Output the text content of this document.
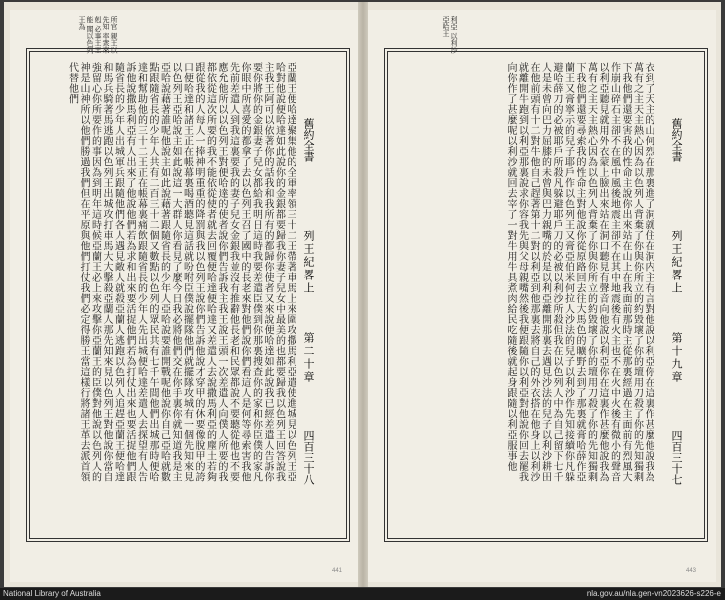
所官 親王以先知 率衆來剋 必事王王能 聞以色列王為
舊約全書
亞蘭王便哈達聚集他的全軍率領三十二王帶著車馬上來圍攻撒馬利亞遣使進城見以色列王亞哈對他說便哈達如此說你的金銀都要歸我你妻子兒女中最美的也都要歸我以色列王回答說我主我王阿可以依著你的話我和我所有的都歸你使者又來說便哈達如此說我已經差遣人告訴你要你將你的金銀妻子兒女都給我明日這時我要差遣臣僕到你那裏搜查你的家和你臣僕的家凡你眼中所喜愛的都拿了去以色列王召了國中的長老來對他們說你們看這人是何等尋索害我他先前差遣人到我這裏要我的妻子兒女金銀我並沒有推辭他長老和民眾都說不要聽從他也不要應允他所以以色列王對便哈達的使者說你們告訴我主我王說王頭一次差遣人向僕人所要的我都依從這次所要的我不能依從使者就去回覆便哈達便哈達又差遣人去說撒馬利亞的塵土若夠跟從我的人每人一捧神明重重的降罰與我以色列王說你們告訴他說才穿甲的休要像脫甲的誇口便哈達和諸王正在帳幕裏喝酒聽見這話就吩咐臣僕說擺隊他們就擺隊攻城有一個先知來見以色列王亞哈說主如此說這一大群人你看見了麼今日我必將他們交在你手裏你就知道我是主亞哈說藉著誰呢他說主如此說藉著跟隨省長的少年人亞哈說要誰開戰呢他說你自己亞哈就數點跟隨省長的少年人共有二百三十二個又數點以色列的眾民共有七千午間他們出城那時便哈達和幫助他的三十二王正在帳幕裏痛飲跟隨省長的少年人先出城便哈達差遣人去探望有人告訴他說撒馬利亞有人出來了他說他們若為求和出來要活捉他們若為打仗出來也要活捉他們跟隨省長的少年人出城軍兵跟隨他們各人遇見敵人就殺亞蘭人逃跑以色列人追趕亞蘭王便哈達和馬兵騎著馬逃跑以色列王出城攻打車馬大大擊殺亞蘭人那先知來見以色列王對他說你當自強留心你所要作的事因為到明年這時候亞蘭王必上來攻擊你亞蘭王的臣僕對他說以色列人的神是山神所以他們勝過我們但在平原與他們打仗我們必定得勝王當這樣行將諸王革去派首領代替他們
列王紀畧上
第二十章
四百三十八
441
利亞 以利沙 亞哈王
舊約全書
衣到了天主的山何烈在那裏進了洞就住在洞内主有言對他說以利亞你在這裏作甚麼他說我為萬有之主天主熱心因為以色列人背棄了你與你所立的約毀壞了你的壇用刀殺了你的先知獨剩下我他們還要害我的性命主說你出來站在山上在我面前那時主從那裏經過在主面前有烈風大作崩山碎石主卻不在風中風後地震主卻不在其中地震後有火主也不在火中火後有微小的聲音以利亞聽見就用外衣蒙上臉出來站在洞口聽見有聲音向他說以利亞你在這裏作甚麼他說我為萬有之主天主熱心因為以色列人背棄了你與你所立的約毀壞了你的壇用刀殺了你的先知獨剩下我他們還要尋索我的性命主對他說你從原路回去往大馬色的曠野去到了那裏就膏哈薛作亞蘭王又膏寧示的兒子耶戶作以色列王又膏亞伯米何拉人沙法的兒子以利沙作先知接續你凡躲避哈薛刀的必被耶戶所殺凡躲避耶戶刀的必被以利沙所殺但我在以色列人中為自己留下七千人是未曾向巴力屈膝的未曾與巴力親嘴的於是以利亞離開那裏去遇見沙法的兒子以利沙耕田在他前頭有十二對牛他自己趕著第十二對以利亞到他那裏去將自己的外衣搭在他身上以利沙就離開牛跑到以利亞那裏說求你容我先與父母親嘴然後我便跟隨你以利亞對他說你回去罷我向你作了甚麼呢以利沙就回去宰了一對牛用牛具煮肉給民吃隨後就起身跟隨以利亞服事他	列王紀畧上
第十九章
四百三十七
443
National Library of Australia	nla.gov.au/nla.gen-vn2023626-s226-e
